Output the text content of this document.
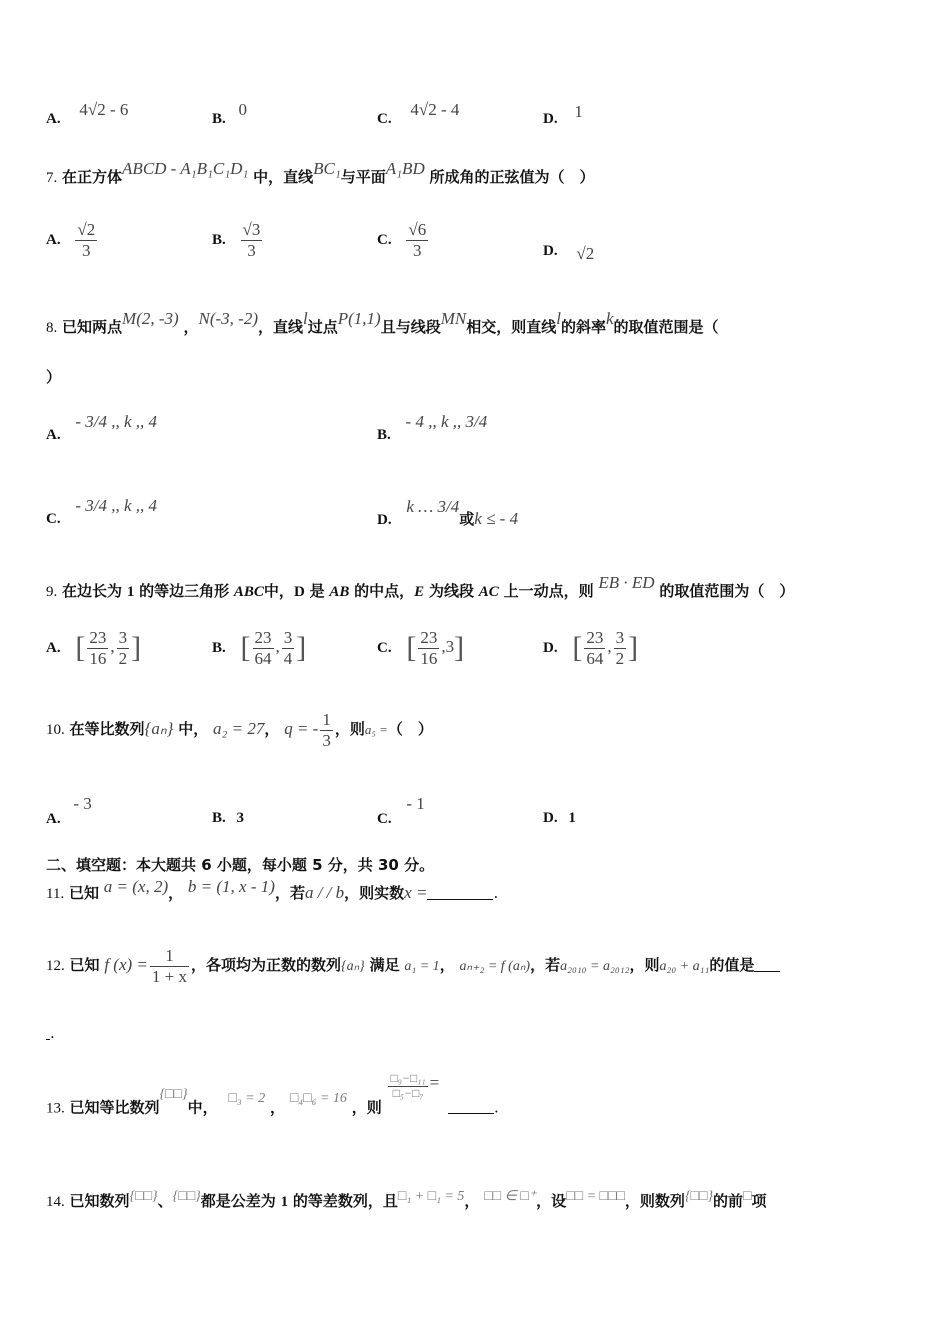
A. 4√2 - 6	B. 0	C. 4√2 - 4	D. 1
7. 在正方体ABCD - A₁B₁C₁D₁ 中，直线BC₁与平面A₁BD 所成角的正弦值为（　）
A. $\frac{√2}{3}$	B. $\frac{√3}{3}$	C. $\frac{√6}{3}$	D. √2
8. 已知两点M(2, -3) ，N(-3, -2)，直线l过点P(1,1)且与线段MN相交，则直线l的斜率k的取值范围是（
）
A. - 3/4 ,, k ,, 4
B. - 4 ,, k ,, 3/4
C. - 3/4 ,, k ,, 4
D. k … 3/4或k ≤ - 4
9. 在边长为 1 的等边三角形 ABC中，D 是 AB 的中点，E 为线段 AC 上一动点，则 EB · ED 的取值范围为（　）
A. [ $\frac{23}{16}$ , $\frac{3}{2}$ ]	B. [ $\frac{23}{64}$ , $\frac{3}{4}$ ]	C. [ $\frac{23}{16} ,3$]	D. [ $\frac{23}{64}$ , $\frac{3}{2}$ ]
10. 在等比数列{aₙ} 中， a₂ = 27， q = - $\frac{1}{3}$ ，则a₅ =（　）
A. - 3
B. 3	C. - 1
D. 1
二、填空题：本大题共 6 小题，每小题 5 分，共 30 分。
11. 已知 a = (x, 2)， b = (1, x - 1)，若a / / b，则实数x =	.
12. 已知 f $(x) = \frac{1}{1 + x}$ ，各项均为正数的数列{aₙ} 满足 a₁ = 1， aₙ₊₂ = f (aₙ)，若a₂₀₁₀ = a₂₀₁₂，则a₂₀ + a₁₁的值是
.
13. 已知等比数列{□□}中， □₃ = 2 ， □₄□₆ = 16 ，则
$\frac{\text{□₉−□₁₁}}{\text{□₅−□₇}}$ = .
14. 已知数列{□□}、{□□}都是公差为 1 的等差数列，且□₁ + □₁ = 5， □□ ∈ □⁺，设□□ = □□□，则数列{□□}的前□项
